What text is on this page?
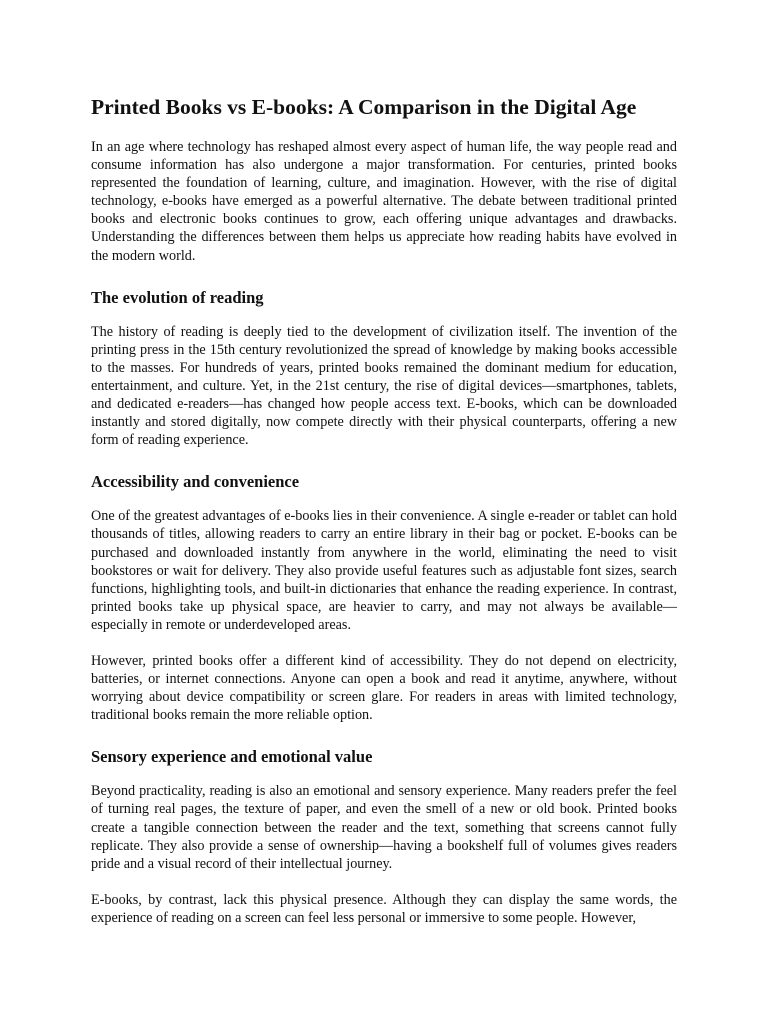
Printed Books vs E-books: A Comparison in the Digital Age

In an age where technology has reshaped almost every aspect of human life, the way people read and consume information has also undergone a major transformation. For centuries, printed books represented the foundation of learning, culture, and imagination. However, with the rise of digital technology, e-books have emerged as a powerful alternative. The debate between traditional printed books and electronic books continues to grow, each offering unique advantages and drawbacks. Understanding the differences between them helps us appreciate how reading habits have evolved in the modern world.

The evolution of reading

The history of reading is deeply tied to the development of civilization itself. The invention of the printing press in the 15th century revolutionized the spread of knowledge by making books accessible to the masses. For hundreds of years, printed books remained the dominant medium for education, entertainment, and culture. Yet, in the 21st century, the rise of digital devices—smartphones, tablets, and dedicated e-readers—has changed how people access text. E-books, which can be downloaded instantly and stored digitally, now compete directly with their physical counterparts, offering a new form of reading experience.

Accessibility and convenience

One of the greatest advantages of e-books lies in their convenience. A single e-reader or tablet can hold thousands of titles, allowing readers to carry an entire library in their bag or pocket. E-books can be purchased and downloaded instantly from anywhere in the world, eliminating the need to visit bookstores or wait for delivery. They also provide useful features such as adjustable font sizes, search functions, highlighting tools, and built-in dictionaries that enhance the reading experience. In contrast, printed books take up physical space, are heavier to carry, and may not always be available—especially in remote or underdeveloped areas.

However, printed books offer a different kind of accessibility. They do not depend on electricity, batteries, or internet connections. Anyone can open a book and read it anytime, anywhere, without worrying about device compatibility or screen glare. For readers in areas with limited technology, traditional books remain the more reliable option.

Sensory experience and emotional value

Beyond practicality, reading is also an emotional and sensory experience. Many readers prefer the feel of turning real pages, the texture of paper, and even the smell of a new or old book. Printed books create a tangible connection between the reader and the text, something that screens cannot fully replicate. They also provide a sense of ownership—having a bookshelf full of volumes gives readers pride and a visual record of their intellectual journey.

E-books, by contrast, lack this physical presence. Although they can display the same words, the experience of reading on a screen can feel less personal or immersive to some people. However,
